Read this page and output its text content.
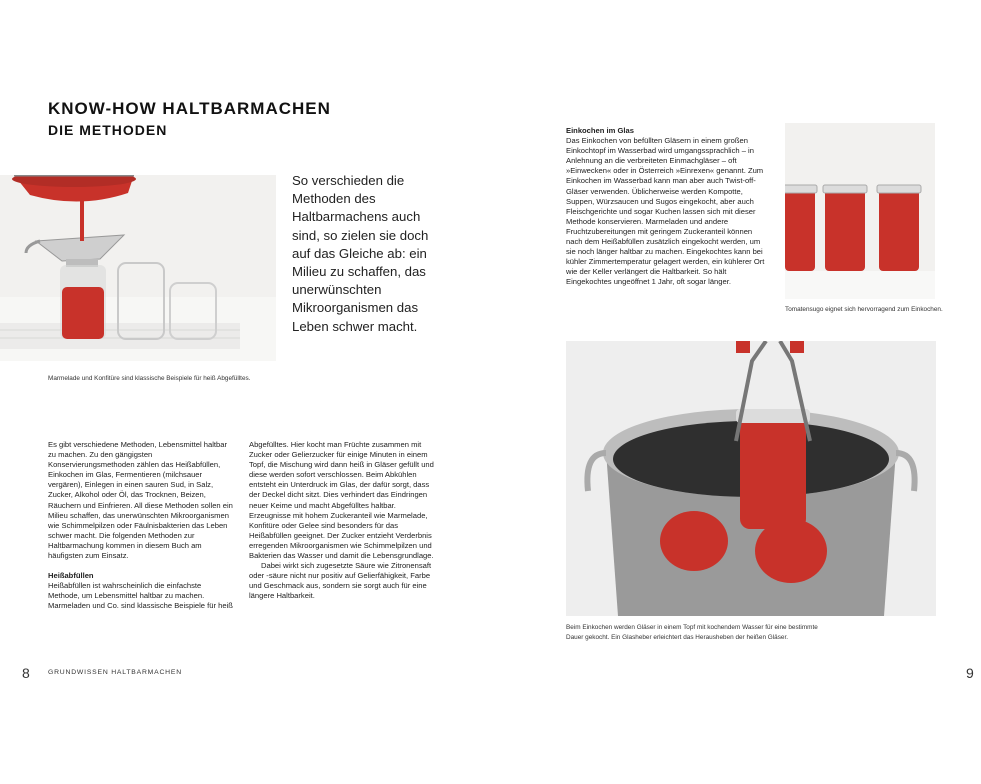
KNOW-HOW HALTBARMACHEN
DIE METHODEN
So verschieden die Methoden des Haltbarmachens auch sind, so zielen sie doch auf das Gleiche ab: ein Milieu zu schaffen, das unerwünschten Mikroorganismen das Leben schwer macht.
Marmelade und Konfitüre sind klassische Beispiele für heiß Abgefülltes.

Es gibt verschiedene Methoden, Lebensmittel haltbar zu machen. Zu den gängigsten Konservierungsmethoden zählen das Heißabfüllen, Einkochen im Glas, Fermentieren (milchsauer vergären), Einlegen in einen sauren Sud, in Salz, Zucker, Alkohol oder Öl, das Trocknen, Beizen, Räuchern und Einfrieren. All diese Methoden sollen ein Milieu schaffen, das unerwünschten Mikroorganismen wie Schimmelpilzen oder Fäulnisbakterien das Leben schwer macht. Die folgenden Methoden zur Haltbarmachung kommen in diesem Buch am häufigsten zum Einsatz.

Heißabfüllen

Heißabfüllen ist wahrscheinlich die einfachste Methode, um Lebensmittel haltbar zu machen. Marmeladen und Co. sind klassische Beispiele für heiß

Abgefülltes. Hier kocht man Früchte zusammen mit Zucker oder Gelierzucker für einige Minuten in einem Topf, die Mischung wird dann heiß in Gläser gefüllt und diese werden sofort verschlossen. Beim Abkühlen entsteht ein Unterdruck im Glas, der dafür sorgt, dass der Deckel dicht sitzt. Dies verhindert das Eindringen neuer Keime und macht Abgefülltes haltbar. Erzeugnisse mit hohem Zuckeranteil wie Marmelade, Konfitüre oder Gelee sind besonders für das Heißabfüllen geeignet. Der Zucker entzieht Verderbnis erregenden Mikroorganismen wie Schimmelpilzen und Bakterien das Wasser und damit die Lebensgrundlage.

Dabei wirkt sich zugesetzte Säure wie Zitronensaft oder -säure nicht nur positiv auf Gelierfähigkeit, Farbe und Geschmack aus, sondern sie sorgt auch für eine längere Haltbarkeit.

8	GRUNDWISSEN HALTBARMACHEN

Einkochen im Glas

Das Einkochen von befüllten Gläsern in einem großen Einkochtopf im Wasserbad wird umgangssprachlich – in Anlehnung an die verbreiteten Einmachgläser – oft »Einwecken« oder in Österreich »Einrexen« genannt. Zum Einkochen im Wasserbad kann man aber auch Twist-off-Gläser verwenden. Üblicherweise werden Kompotte, Suppen, Würzsaucen und Sugos eingekocht, aber auch Fleischgerichte und sogar Kuchen lassen sich mit dieser Methode konservieren. Marmeladen und andere Fruchtzubereitungen mit geringem Zuckeranteil können nach dem Heißabfüllen zusätzlich eingekocht werden, um sie noch länger haltbar zu machen. Eingekochtes kann bei kühler Zimmertemperatur gelagert werden, ein kühlerer Ort wie der Keller verlängert die Haltbarkeit. So hält Eingekochtes ungeöffnet 1 Jahr, oft sogar länger.

Tomatensugo eignet sich hervorragend zum Einkochen.
Beim Einkochen werden Gläser in einem Topf mit kochendem Wasser für eine bestimmte Dauer gekocht. Ein Glasheber erleichtert das Herausheben der heißen Gläser.
9
